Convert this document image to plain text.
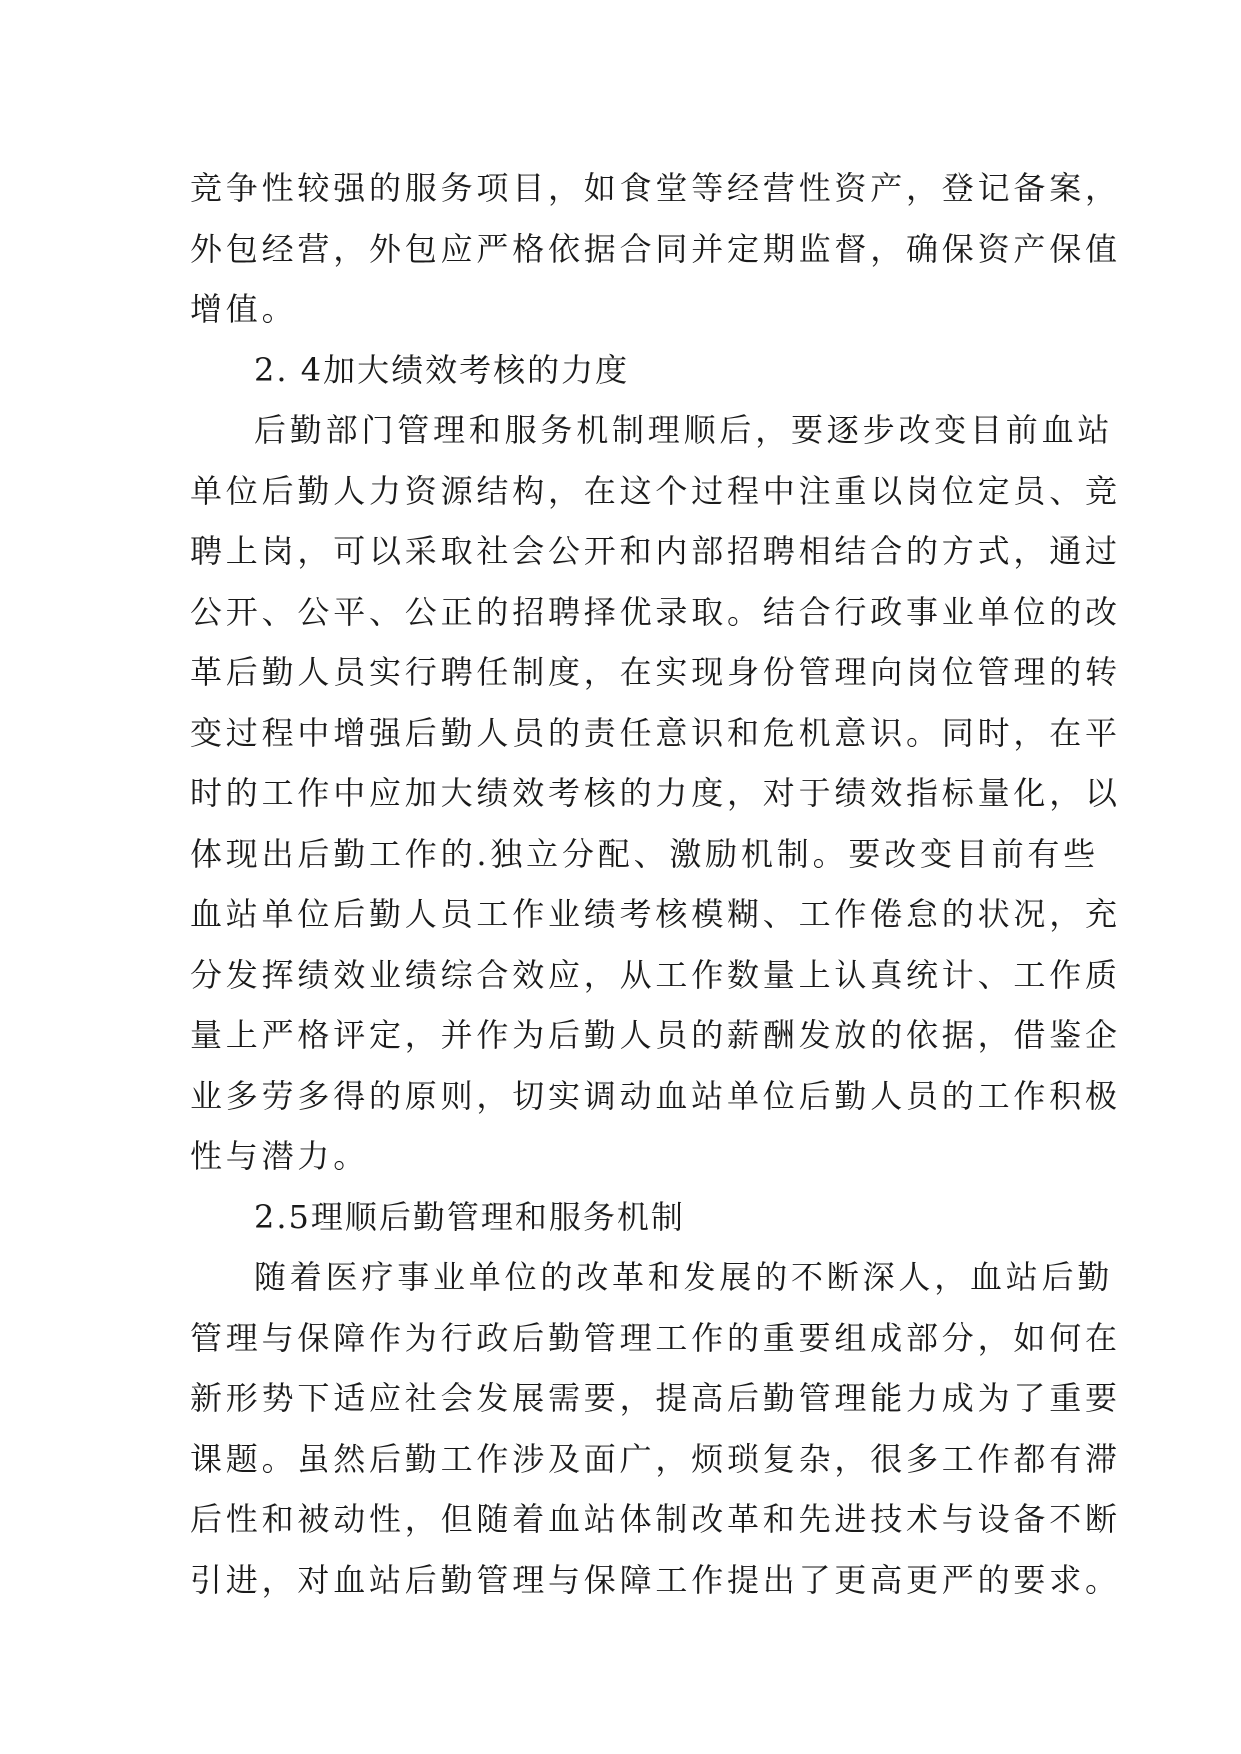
竞争性较强的服务项目，如食堂等经营性资产，登记备案，
外包经营，外包应严格依据合同并定期监督，确保资产保值
增值。
2. 4加大绩效考核的力度
后勤部门管理和服务机制理顺后，要逐步改变目前血站
单位后勤人力资源结构，在这个过程中注重以岗位定员、竞
聘上岗，可以采取社会公开和内部招聘相结合的方式，通过
公开、公平、公正的招聘择优录取。结合行政事业单位的改
革后勤人员实行聘任制度，在实现身份管理向岗位管理的转
变过程中增强后勤人员的责任意识和危机意识。同时，在平
时的工作中应加大绩效考核的力度，对于绩效指标量化，以
体现出后勤工作的.独立分配、激励机制。要改变目前有些
血站单位后勤人员工作业绩考核模糊、工作倦怠的状况，充
分发挥绩效业绩综合效应，从工作数量上认真统计、工作质
量上严格评定，并作为后勤人员的薪酬发放的依据，借鉴企
业多劳多得的原则，切实调动血站单位后勤人员的工作积极
性与潜力。
2.5理顺后勤管理和服务机制
随着医疗事业单位的改革和发展的不断深人，血站后勤
管理与保障作为行政后勤管理工作的重要组成部分，如何在
新形势下适应社会发展需要，提高后勤管理能力成为了重要
课题。虽然后勤工作涉及面广，烦琐复杂，很多工作都有滞
后性和被动性，但随着血站体制改革和先进技术与设备不断
引进，对血站后勤管理与保障工作提出了更高更严的要求。
